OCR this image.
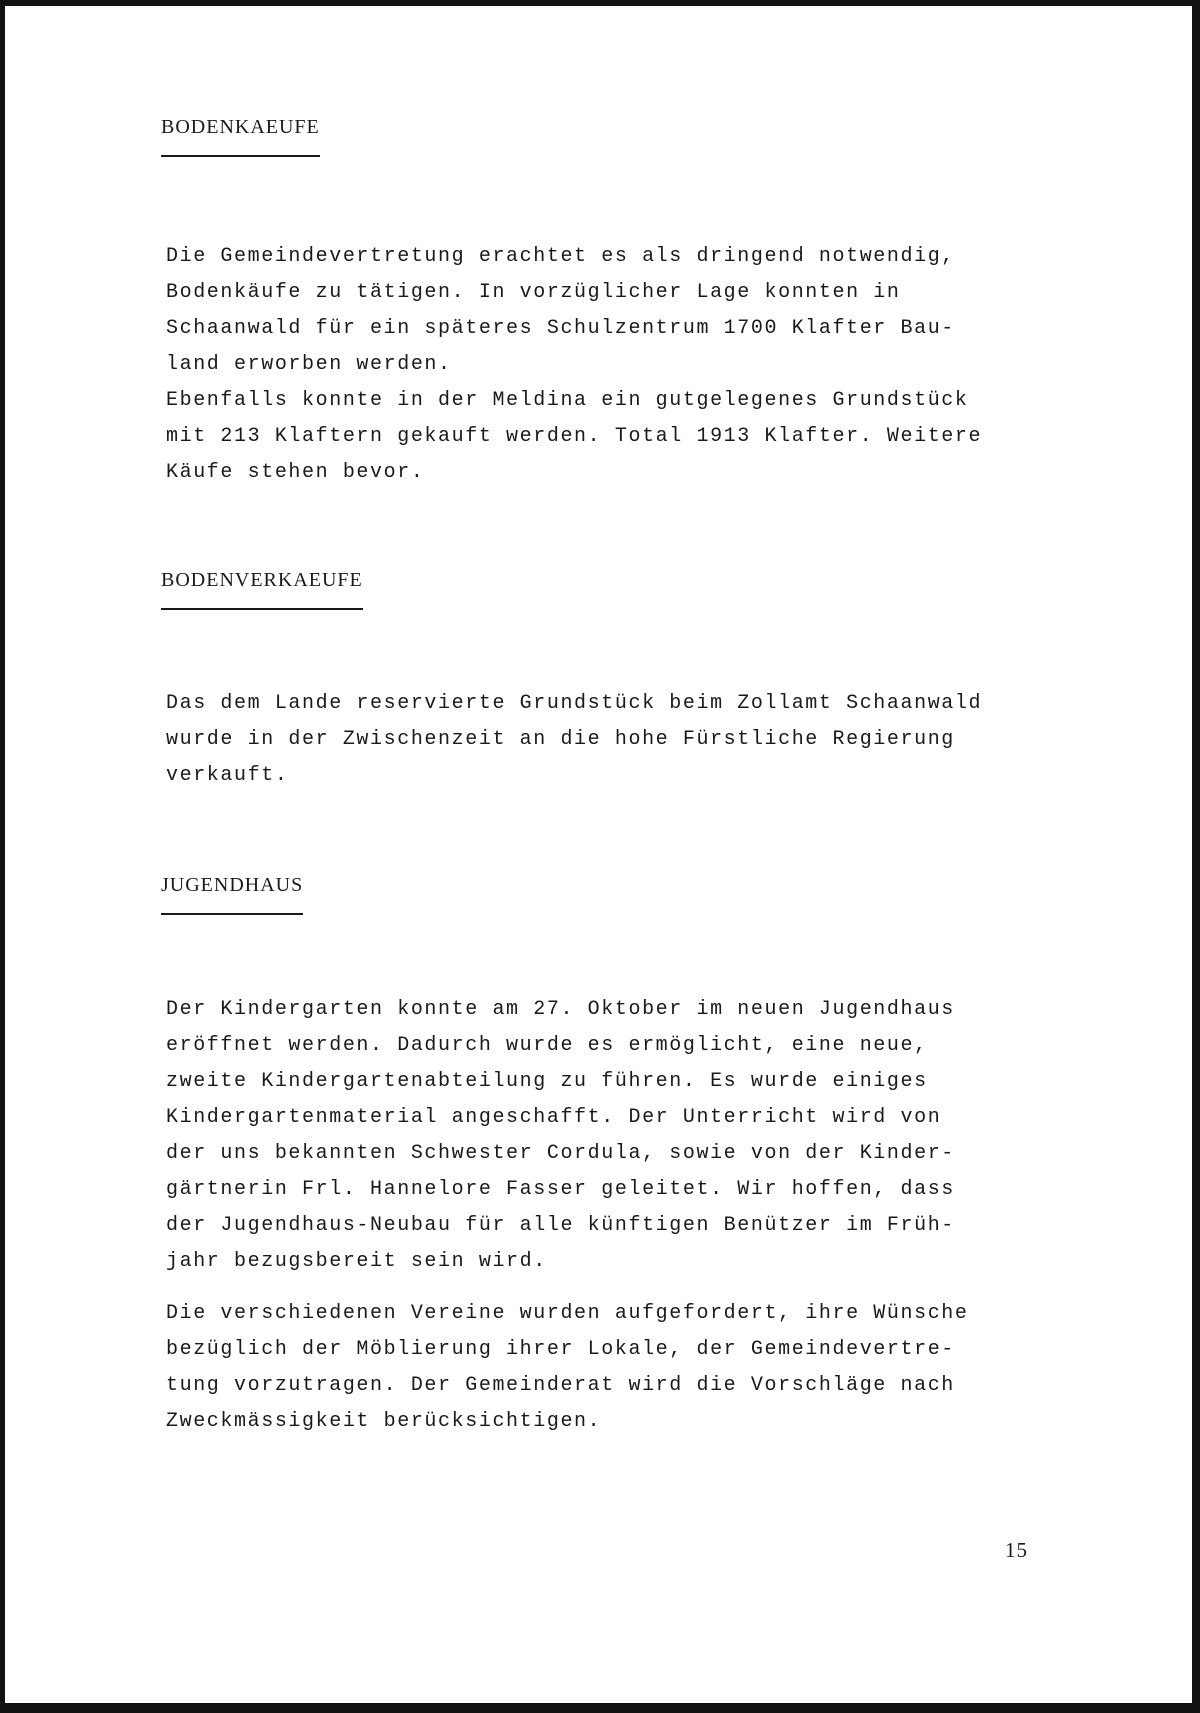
BODENKAEUFE
Die Gemeindevertretung erachtet es als dringend notwendig,
Bodenkäufe zu tätigen. In vorzüglicher Lage konnten in
Schaanwald für ein späteres Schulzentrum 1700 Klafter Bau-
land erworben werden.
Ebenfalls konnte in der Meldina ein gutgelegenes Grundstück
mit 213 Klaftern gekauft werden. Total 1913 Klafter. Weitere
Käufe stehen bevor.
BODENVERKAEUFE
Das dem Lande reservierte Grundstück beim Zollamt Schaanwald
wurde in der Zwischenzeit an die hohe Fürstliche Regierung
verkauft.
JUGENDHAUS
Der Kindergarten konnte am 27. Oktober im neuen Jugendhaus
eröffnet werden. Dadurch wurde es ermöglicht, eine neue,
zweite Kindergartenabteilung zu führen. Es wurde einiges
Kindergartenmaterial angeschafft. Der Unterricht wird von
der uns bekannten Schwester Cordula, sowie von der Kinder-
gärtnerin Frl. Hannelore Fasser geleitet. Wir hoffen, dass
der Jugendhaus-Neubau für alle künftigen Benützer im Früh-
jahr bezugsbereit sein wird.
Die verschiedenen Vereine wurden aufgefordert, ihre Wünsche
bezüglich der Möblierung ihrer Lokale, der Gemeindevertre-
tung vorzutragen. Der Gemeinderat wird die Vorschläge nach
Zweckmässigkeit berücksichtigen.
15
